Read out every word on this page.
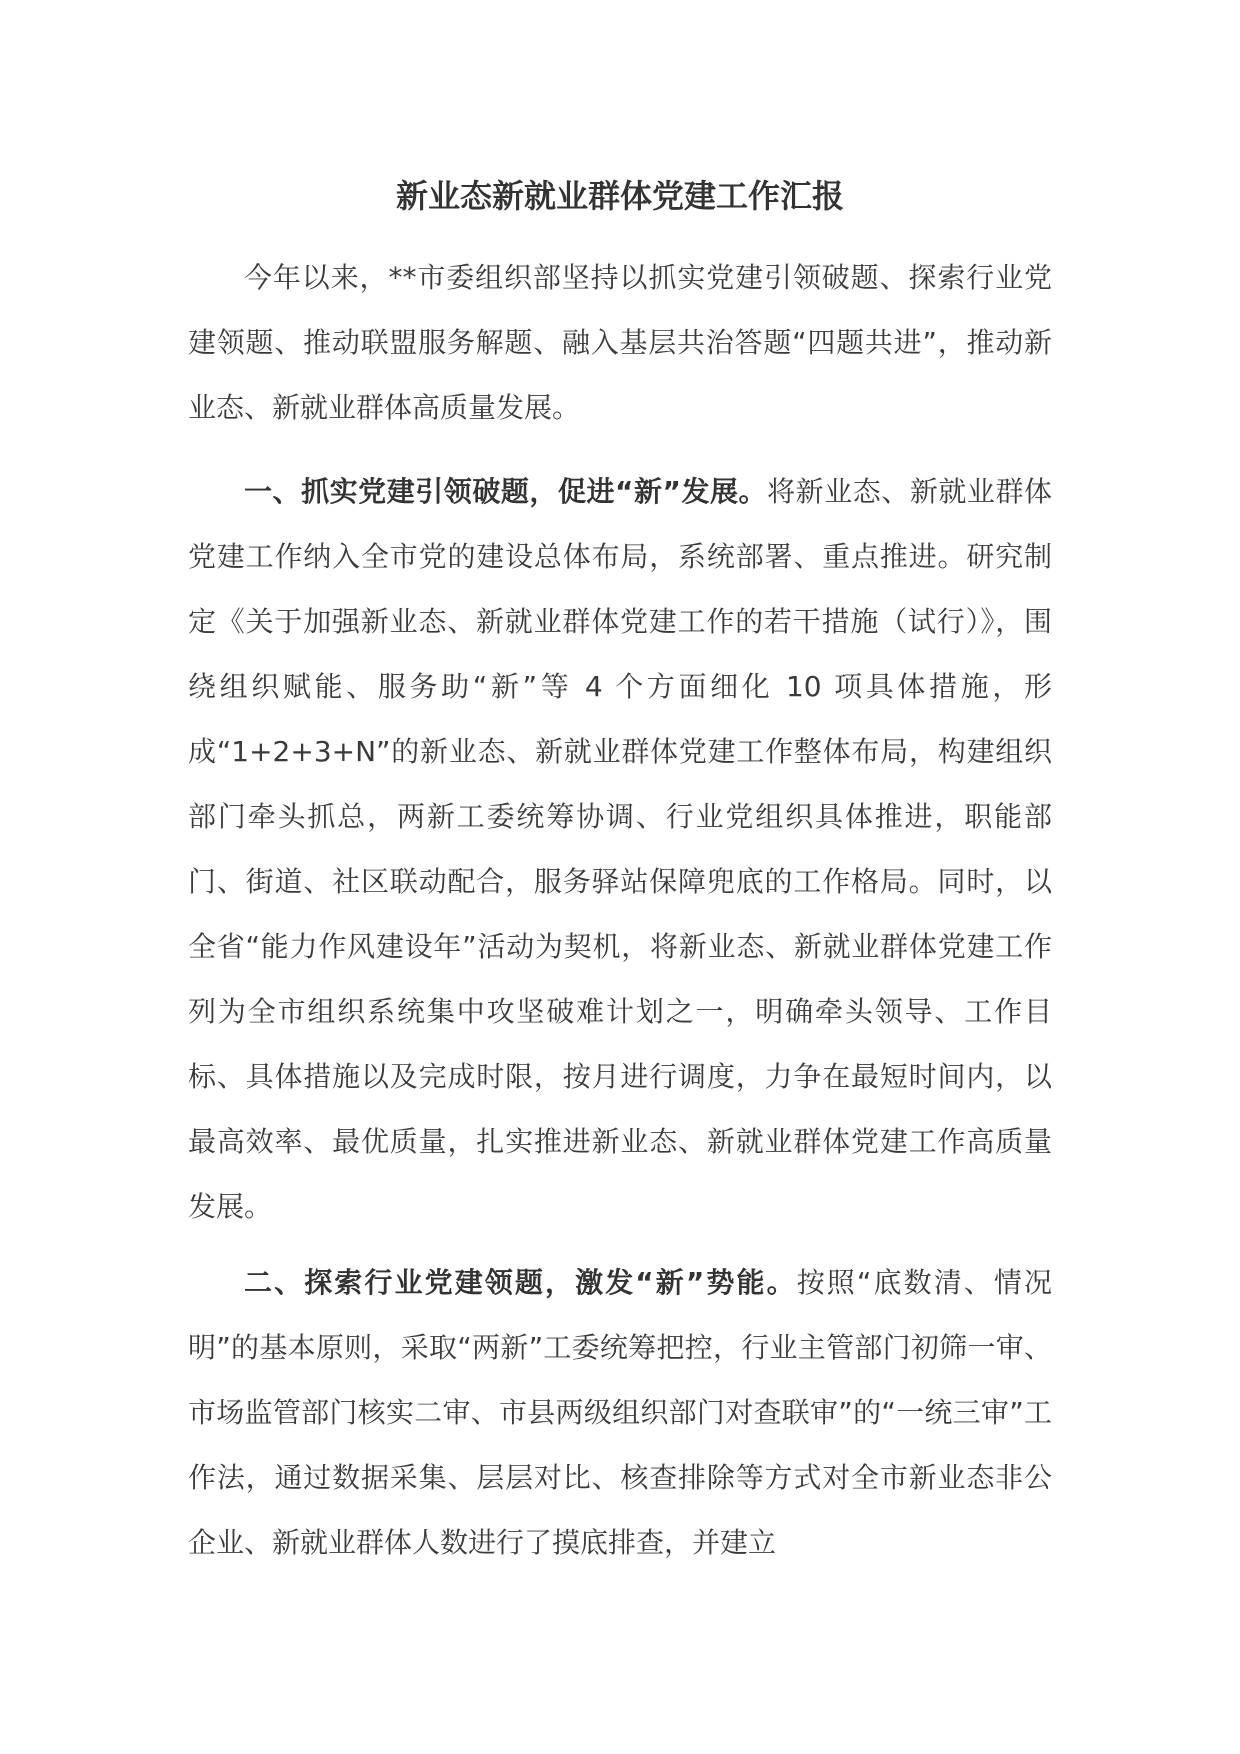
新业态新就业群体党建工作汇报

今年以来，**市委组织部坚持以抓实党建引领破题、探索行业党建领题、推动联盟服务解题、融入基层共治答题“四题共进”，推动新业态、新就业群体高质量发展。

一、抓实党建引领破题，促进“新”发展。将新业态、新就业群体党建工作纳入全市党的建设总体布局，系统部署、重点推进。研究制定《关于加强新业态、新就业群体党建工作的若干措施（试行）》，围绕组织赋能、服务助“新”等 4 个方面细化 10 项具体措施，形成“1+2+3+N”的新业态、新就业群体党建工作整体布局，构建组织部门牵头抓总，两新工委统筹协调、行业党组织具体推进，职能部门、街道、社区联动配合，服务驿站保障兜底的工作格局。同时，以全省“能力作风建设年”活动为契机，将新业态、新就业群体党建工作列为全市组织系统集中攻坚破难计划之一，明确牵头领导、工作目标、具体措施以及完成时限，按月进行调度，力争在最短时间内，以最高效率、最优质量，扎实推进新业态、新就业群体党建工作高质量发展。

二、探索行业党建领题，激发“新”势能。按照“底数清、情况明”的基本原则，采取“两新”工委统筹把控，行业主管部门初筛一审、市场监管部门核实二审、市县两级组织部门对查联审”的“一统三审”工作法，通过数据采集、层层对比、核查排除等方式对全市新业态非公企业、新就业群体人数进行了摸底排查，并建立
